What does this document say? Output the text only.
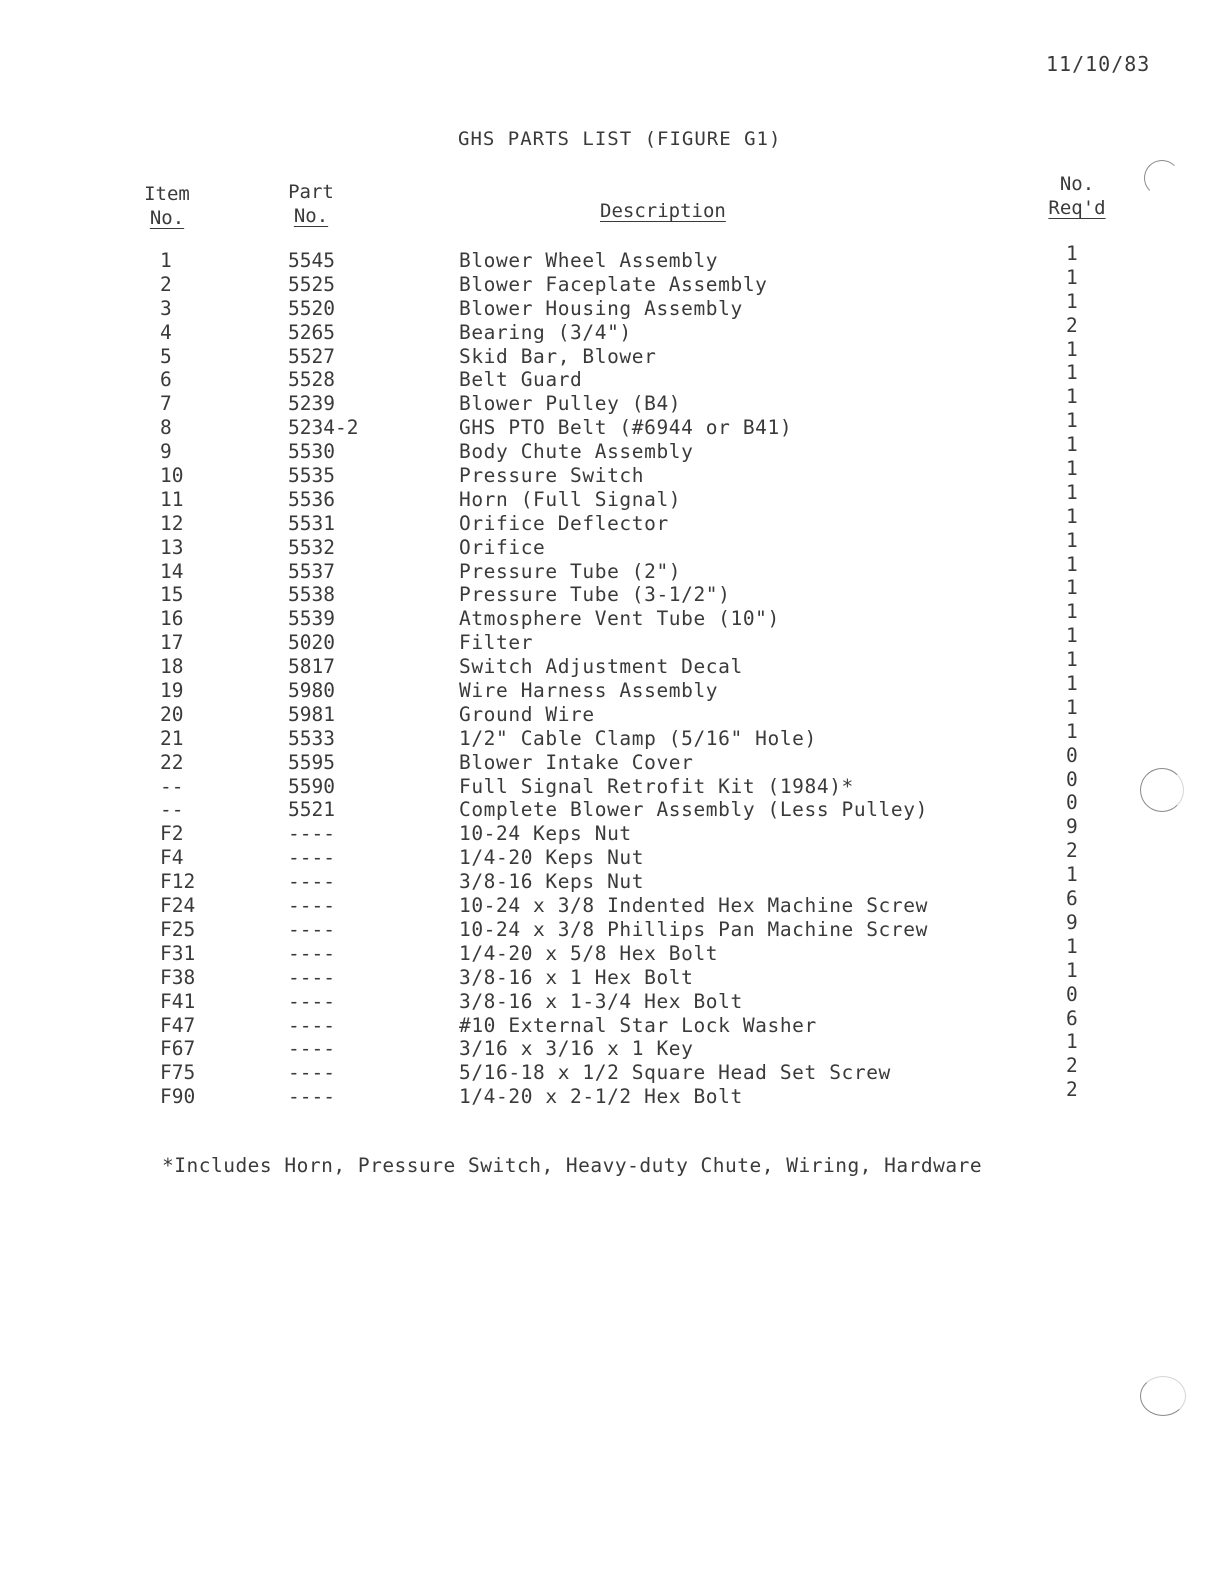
11/10/83
GHS PARTS LIST (FIGURE G1)
Item
No.
Part
No.	Description
No.
Req'd
1	5545	Blower Wheel Assembly	1
2	5525	Blower Faceplate Assembly	1
3	5520	Blower Housing Assembly	1
4	5265	Bearing (3/4")	2
5	5527	Skid Bar, Blower	1
6	5528	Belt Guard	1
7	5239	Blower Pulley (B4)	1
8	5234-2	GHS PTO Belt (#6944 or B41)	1
9	5530	Body Chute Assembly	1
10	5535	Pressure Switch	1
11	5536	Horn (Full Signal)	1
12	5531	Orifice Deflector	1
13	5532	Orifice	1
14	5537	Pressure Tube (2")	1
15	5538	Pressure Tube (3-1/2")	1
16	5539	Atmosphere Vent Tube (10")	1
17	5020	Filter	1
18	5817	Switch Adjustment Decal	1
19	5980	Wire Harness Assembly	1
20	5981	Ground Wire	1
21	5533	1/2" Cable Clamp (5/16" Hole)	1
22	5595	Blower Intake Cover	0
--	5590	Full Signal Retrofit Kit (1984)*	0
--	5521	Complete Blower Assembly (Less Pulley)	0
F2	----	10-24 Keps Nut	9
F4	----	1/4-20 Keps Nut	2
F12	----	3/8-16 Keps Nut	1
F24	----	10-24 x 3/8 Indented Hex Machine Screw	6
F25	----	10-24 x 3/8 Phillips Pan Machine Screw	9
F31	----	1/4-20 x 5/8 Hex Bolt	1
F38	----	3/8-16 x 1 Hex Bolt	1
F41	----	3/8-16 x 1-3/4 Hex Bolt	0
F47	----	#10 External Star Lock Washer	6
F67	----	3/16 x 3/16 x 1 Key	1
F75	----	5/16-18 x 1/2 Square Head Set Screw	2
F90	----	1/4-20 x 2-1/2 Hex Bolt	2
*Includes Horn, Pressure Switch, Heavy-duty Chute, Wiring, Hardware
